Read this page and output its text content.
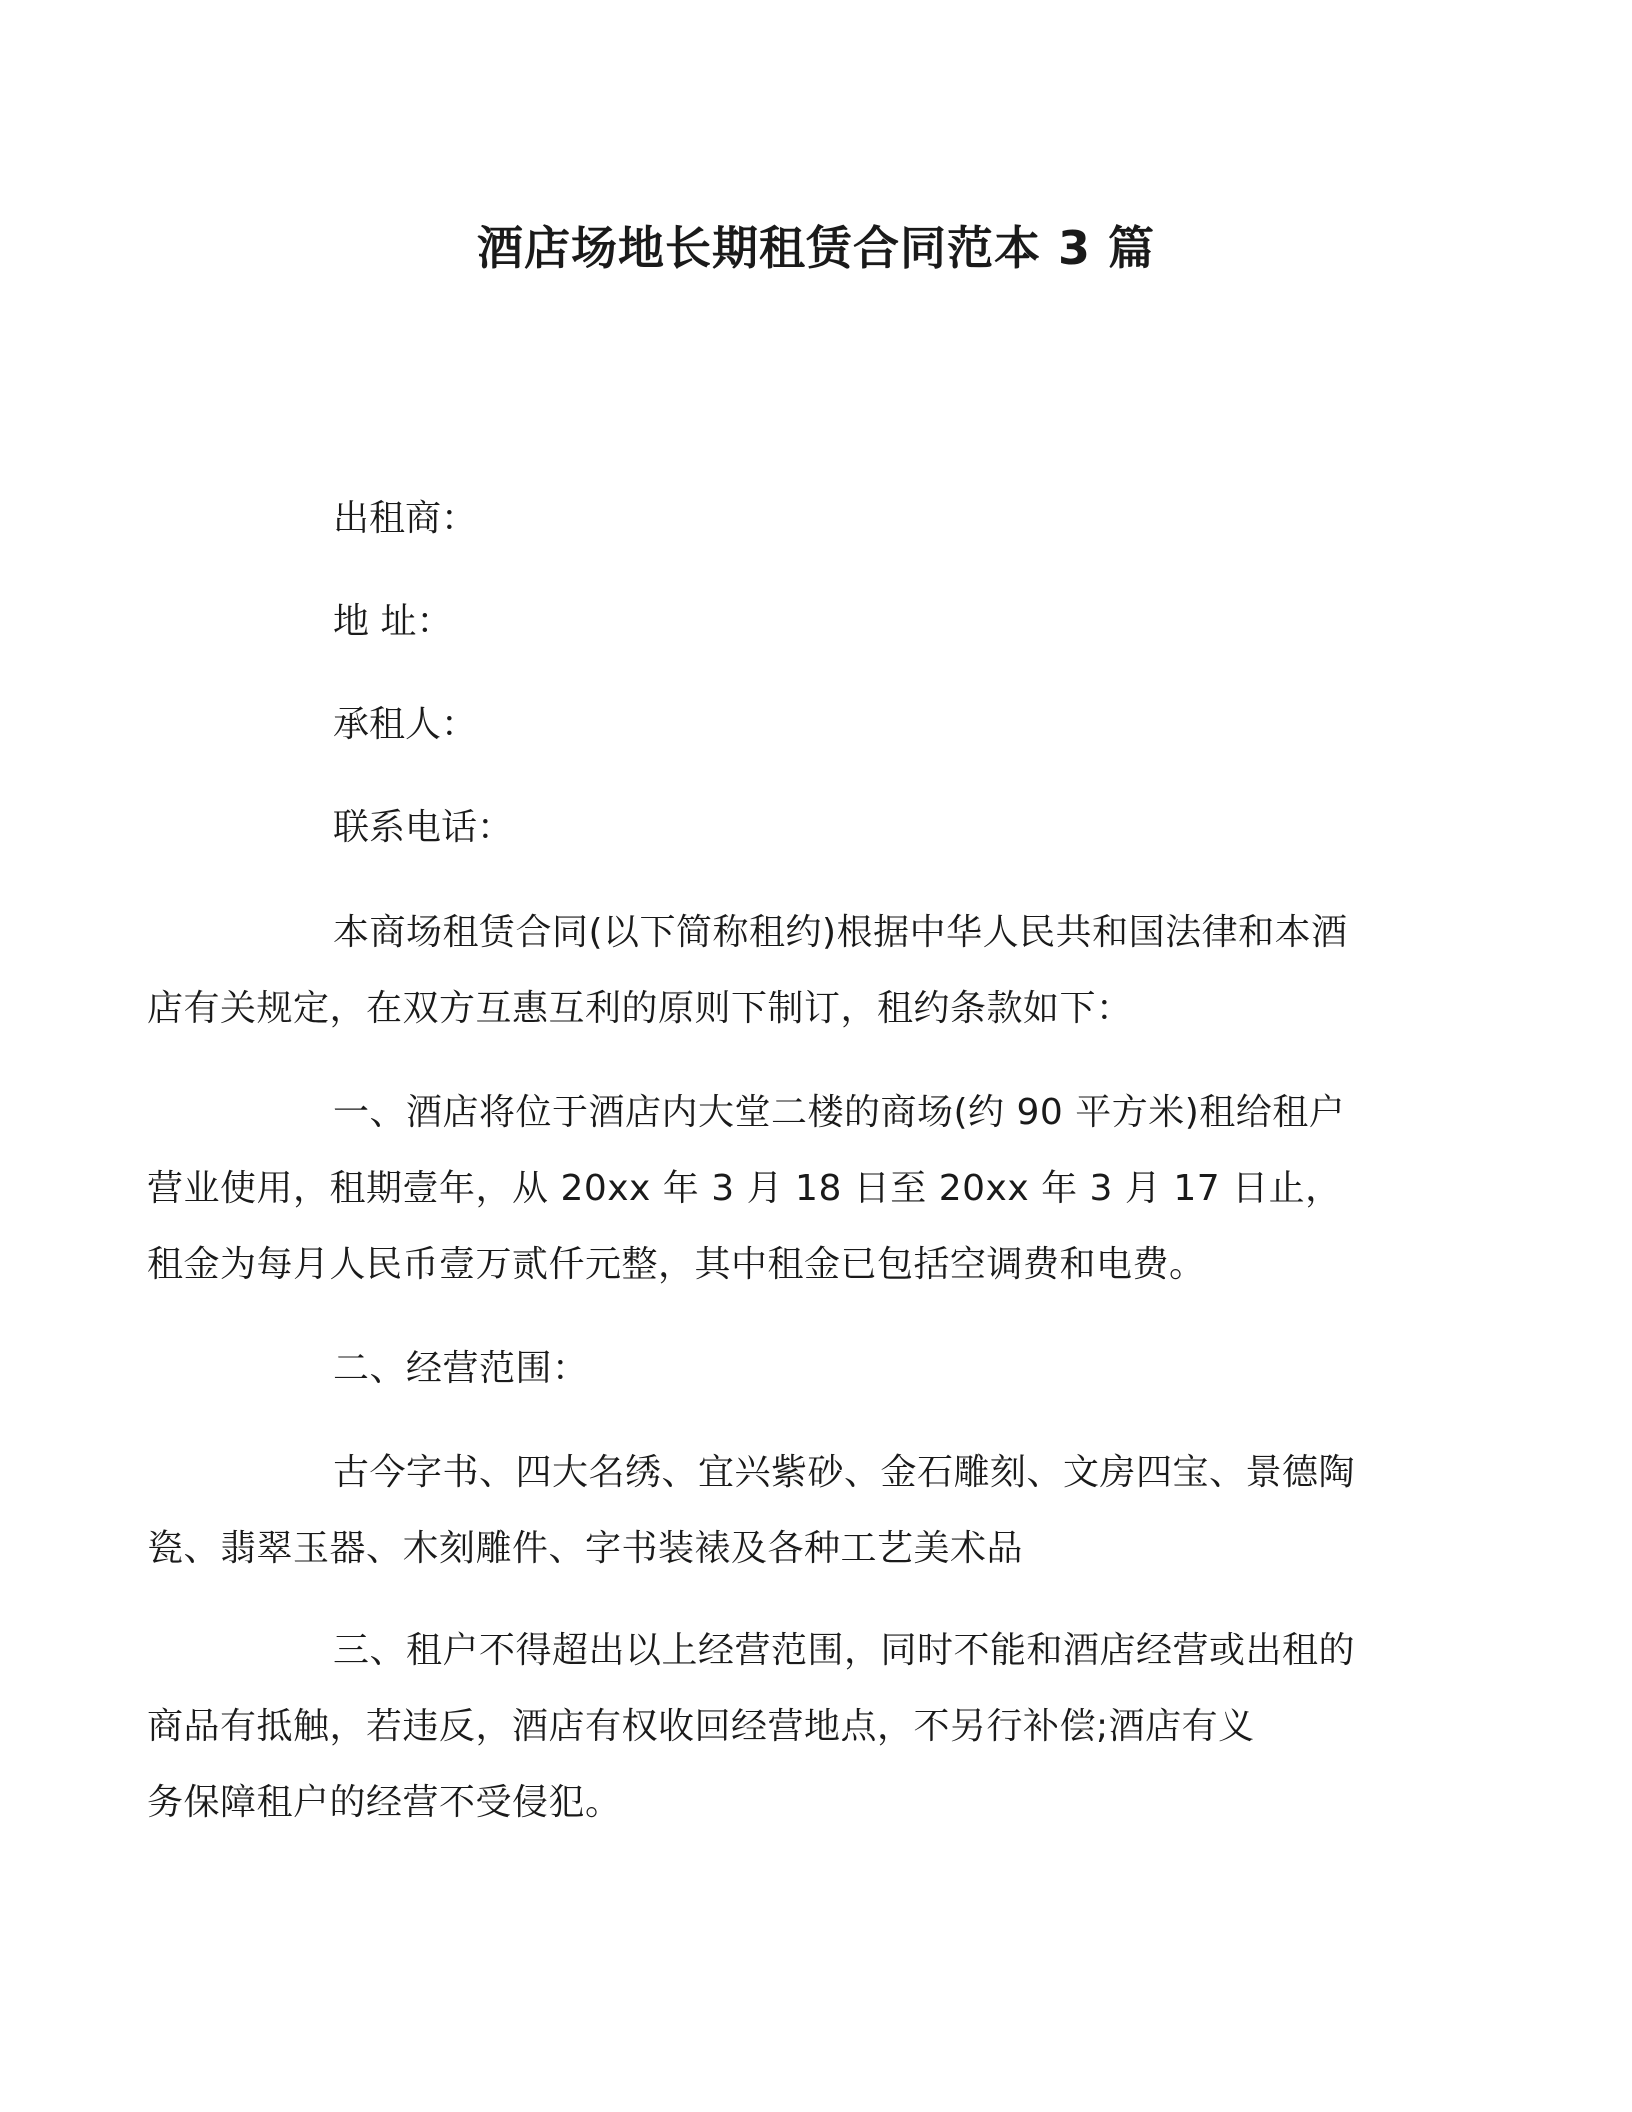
酒店场地长期租赁合同范本 3 篇
出租商：
地 址：
承租人：
联系电话：
本商场租赁合同(以下简称租约)根据中华人民共和国法律和本酒
店有关规定，在双方互惠互利的原则下制订，租约条款如下：
一、酒店将位于酒店内大堂二楼的商场(约 90 平方米)租给租户
营业使用，租期壹年，从 20xx 年 3 月 18 日至 20xx 年 3 月 17 日止，
租金为每月人民币壹万贰仟元整，其中租金已包括空调费和电费。
二、经营范围：
古今字书、四大名绣、宜兴紫砂、金石雕刻、文房四宝、景德陶
瓷、翡翠玉器、木刻雕件、字书装裱及各种工艺美术品
三、租户不得超出以上经营范围，同时不能和酒店经营或出租的
商品有抵触，若违反，酒店有权收回经营地点，不另行补偿;酒店有义
务保障租户的经营不受侵犯。
